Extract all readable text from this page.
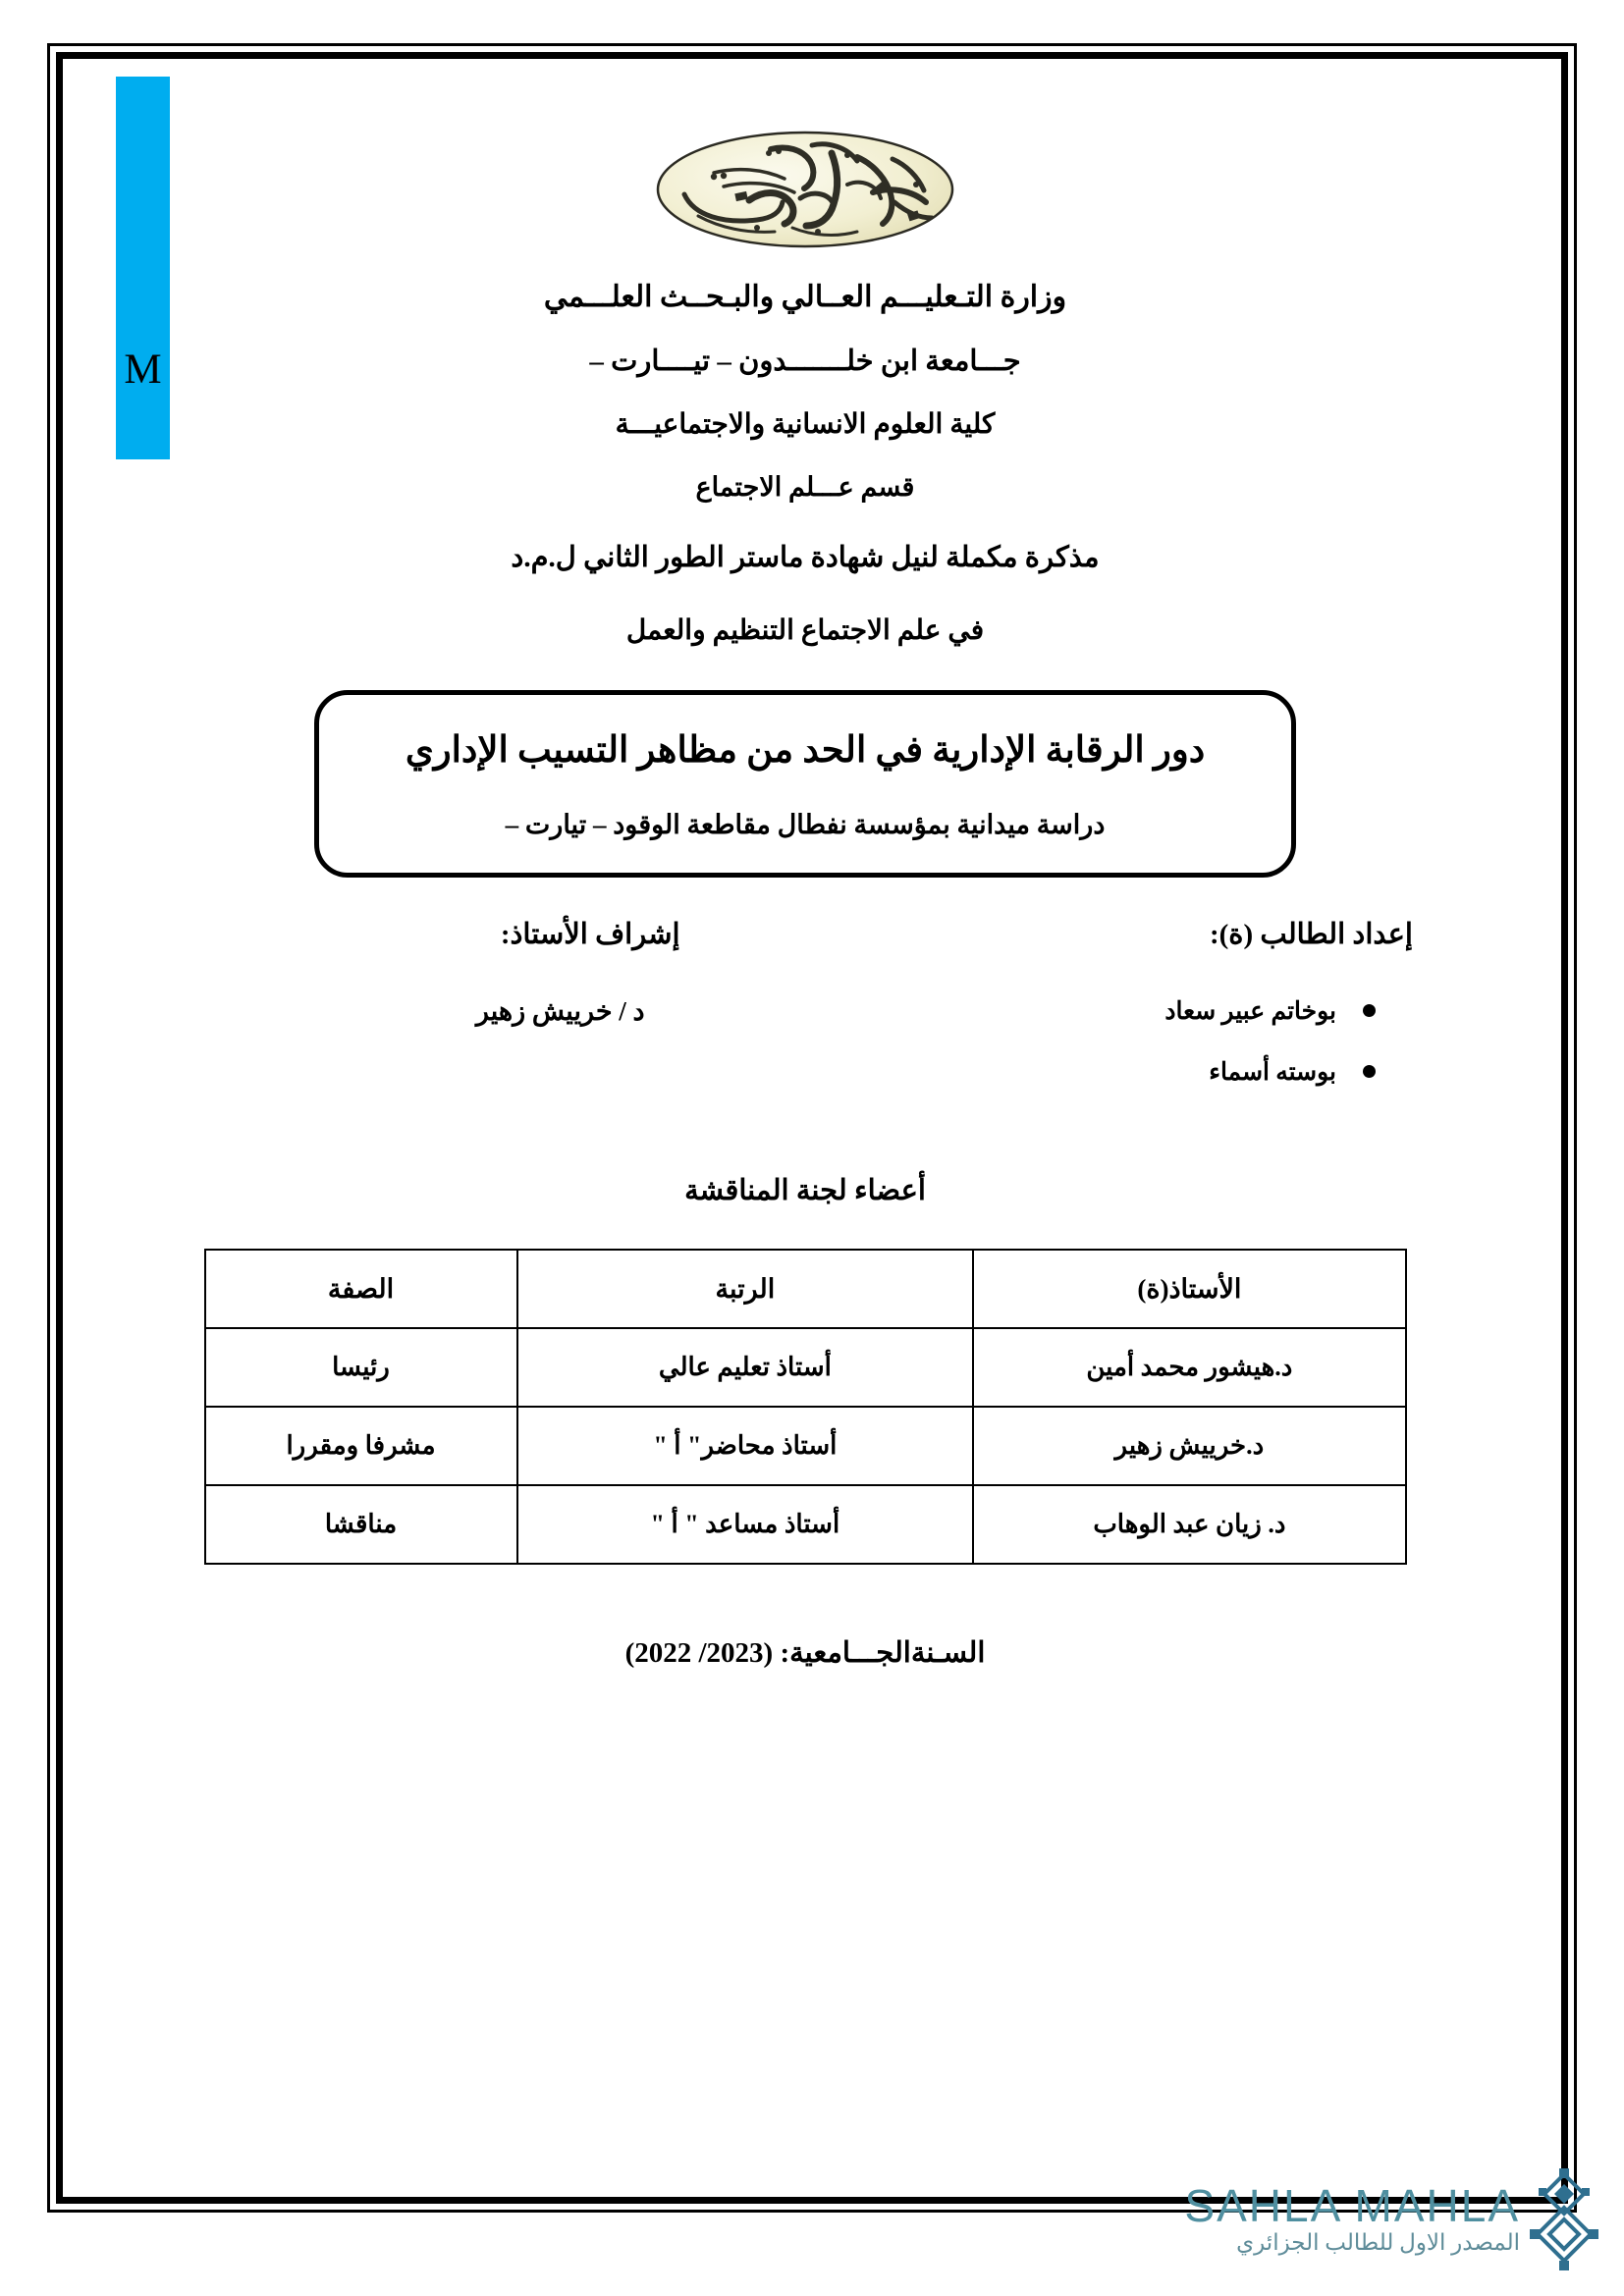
M
وزارة التـعليـــم العــالي والبـحــث العلـــمي
جـــامعة ابن خلـــــــدون – تيــــارت –
كلية العلوم الانسانية والاجتماعيـــة
قسم عـــلم الاجتماع
مذكرة مكملة لنيل شهادة ماستر الطور الثاني ل.م.د
في علم الاجتماع التنظيم والعمل
دور الرقابة الإدارية في الحد من مظاهر التسيب الإداري
دراسة ميدانية بمؤسسة نفطال مقاطعة الوقود – تيارت –
إعداد الطالب (ة):
إشراف الأستاذ:
بوخاتم عبير سعاد
بوسته أسماء
د / خرييش زهير
أعضاء لجنة المناقشة
الأستاذ(ة)	الرتبة	الصفة
د.هيشور محمد أمين	أستاذ تعليم عالي	رئيسا
د.خرييش زهير	أستاذ محاضر" أ "	مشرفا ومقررا
د. زيان عبد الوهاب	أستاذ مساعد " أ "	مناقشا
السـنةالجـــامعية: (2022 /2023)
SAHLA MAHLA
المصدر الاول للطالب الجزائري
